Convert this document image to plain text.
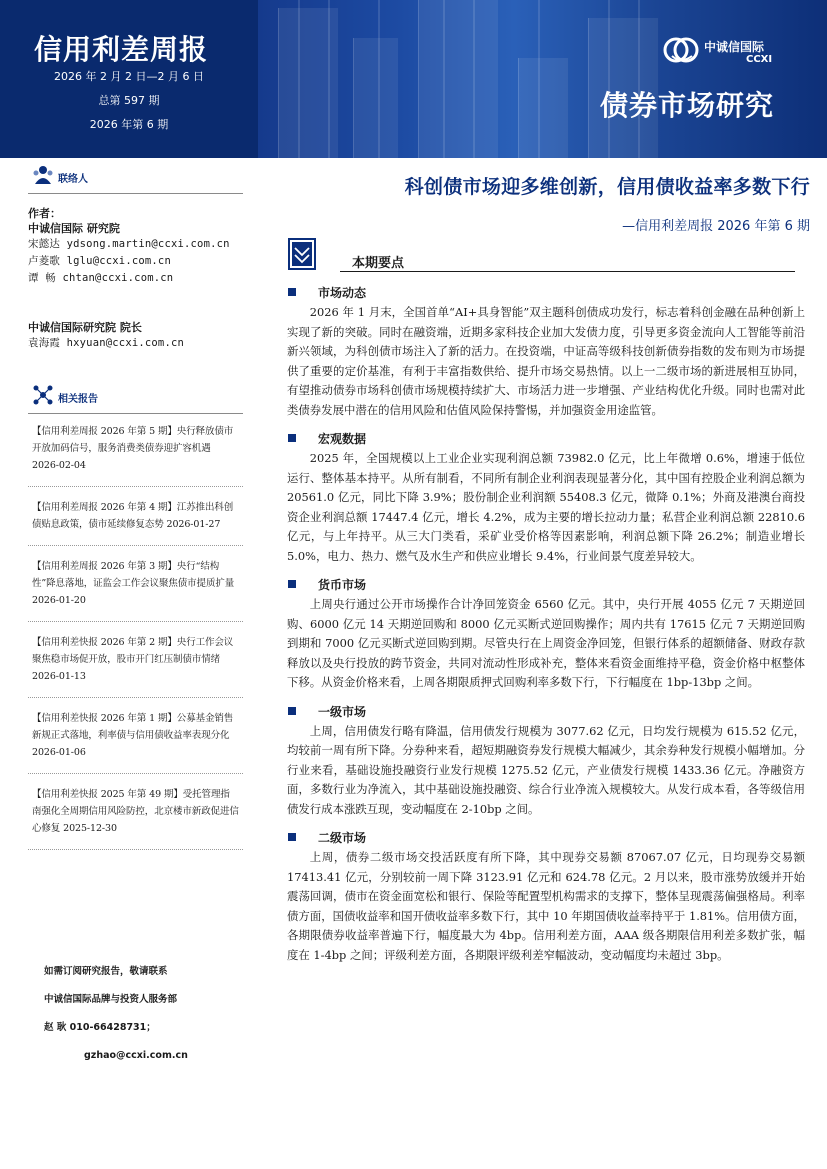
信用利差周报
2026 年 2 月 2 日—2 月 6 日
总第 597 期
2026 年第 6 期
中诚信国际
CCXI
债券市场研究
联络人
作者：
中诚信国际 研究院
宋懿达 ydsong.martin@ccxi.com.cn
卢菱歌 lglu@ccxi.com.cn
谭 畅 chtan@ccxi.com.cn
中诚信国际研究院 院长
袁海霞 hxyuan@ccxi.com.cn
相关报告
【信用利差周报 2026 年第 5 期】央行释放债市开放加码信号，服务消费类债券迎扩容机遇 2026-02-04
【信用利差周报 2026 年第 4 期】江苏推出科创债贴息政策，债市延续修复态势 2026-01-27
【信用利差周报 2026 年第 3 期】央行“结构性”降息落地，证监会工作会议聚焦债市提质扩量 2026-01-20
【信用利差快报 2026 年第 2 期】央行工作会议聚焦稳市场促开放，股市开门红压制债市情绪 2026-01-13
【信用利差快报 2026 年第 1 期】公募基金销售新规正式落地，利率债与信用债收益率表现分化 2026-01-06
【信用利差快报 2025 年第 49 期】受托管理指南强化全周期信用风险防控，北京楼市新政促进信心修复 2025-12-30
如需订阅研究报告，敬请联系
中诚信国际品牌与投资人服务部
赵 耿 010-66428731；
gzhao@ccxi.com.cn
科创债市场迎多维创新，信用债收益率多数下行
—信用利差周报 2026 年第 6 期
本期要点
市场动态
2026 年 1 月末，全国首单“AI+具身智能”双主题科创债成功发行，标志着科创金融在品种创新上实现了新的突破。同时在融资端，近期多家科技企业加大发债力度，引导更多资金流向人工智能等前沿新兴领域，为科创债市场注入了新的活力。在投资端，中证高等级科技创新债券指数的发布则为市场提供了重要的定价基准，有利于丰富指数供给、提升市场交易热情。以上一二级市场的新进展相互协同，有望推动债券市场科创债市场规模持续扩大、市场活力进一步增强、产业结构优化升级。同时也需对此类债券发展中潜在的信用风险和估值风险保持警惕，并加强资金用途监管。
宏观数据
2025 年，全国规模以上工业企业实现利润总额 73982.0 亿元，比上年微增 0.6%，增速于低位运行、整体基本持平。从所有制看，不同所有制企业利润表现显著分化，其中国有控股企业利润总额为 20561.0 亿元，同比下降 3.9%；股份制企业利润额 55408.3 亿元，微降 0.1%；外商及港澳台商投资企业利润总额 17447.4 亿元，增长 4.2%，成为主要的增长拉动力量；私营企业利润总额 22810.6 亿元，与上年持平。从三大门类看，采矿业受价格等因素影响，利润总额下降 26.2%；制造业增长 5.0%，电力、热力、燃气及水生产和供应业增长 9.4%，行业间景气度差异较大。
货币市场
上周央行通过公开市场操作合计净回笼资金 6560 亿元。其中，央行开展 4055 亿元 7 天期逆回购、6000 亿元 14 天期逆回购和 8000 亿元买断式逆回购操作；周内共有 17615 亿元 7 天期逆回购到期和 7000 亿元买断式逆回购到期。尽管央行在上周资金净回笼，但银行体系的超额储备、财政存款释放以及央行投放的跨节资金，共同对流动性形成补充，整体来看资金面维持平稳，资金价格中枢整体下移。从资金价格来看，上周各期限质押式回购利率多数下行，下行幅度在 1bp-13bp 之间。
一级市场
上周，信用债发行略有降温，信用债发行规模为 3077.62 亿元，日均发行规模为 615.52 亿元，均较前一周有所下降。分券种来看，超短期融资券发行规模大幅减少，其余券种发行规模小幅增加。分行业来看，基础设施投融资行业发行规模 1275.52 亿元，产业债发行规模 1433.36 亿元。净融资方面，多数行业为净流入，其中基础设施投融资、综合行业净流入规模较大。从发行成本看，各等级信用债发行成本涨跌互现，变动幅度在 2-10bp 之间。
二级市场
上周，债券二级市场交投活跃度有所下降，其中现券交易额 87067.07 亿元，日均现券交易额 17413.41 亿元，分别较前一周下降 3123.91 亿元和 624.78 亿元。2 月以来，股市涨势放缓并开始震荡回调，债市在资金面宽松和银行、保险等配置型机构需求的支撑下，整体呈现震荡偏强格局。利率债方面，国债收益率和国开债收益率多数下行，其中 10 年期国债收益率持平于 1.81%。信用债方面，各期限债券收益率普遍下行，幅度最大为 4bp。信用利差方面，AAA 级各期限信用利差多数扩张，幅度在 1-4bp 之间；评级利差方面，各期限评级利差窄幅波动，变动幅度均未超过 3bp。
